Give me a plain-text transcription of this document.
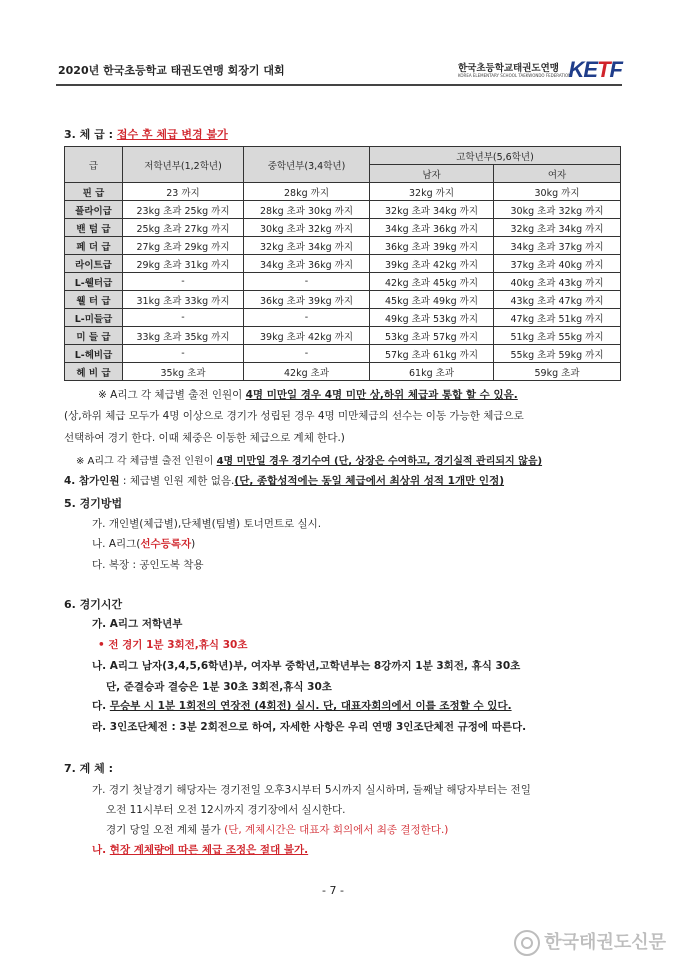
2020년 한국초등학교 태권도연맹 회장기 대회	한국초등학교태권도연맹
KOREA ELEMENTARY SCHOOL TAEKWONDO FEDERATION
KETF
3. 체 급 : 접수 후 체급 변경 불가
급	저학년부(1,2학년)	중학년부(3,4학년)	고학년부(5,6학년)	
			남자	여자
핀 급	23 까지	28kg 까지	32kg 까지	30kg 까지
플라이급	23kg 초과 25kg 까지	28kg 초과 30kg 까지	32kg 초과 34kg 까지	30kg 초과 32kg 까지
밴 텀 급	25kg 초과 27kg 까지	30kg 초과 32kg 까지	34kg 초과 36kg 까지	32kg 초과 34kg 까지
페 더 급	27kg 초과 29kg 까지	32kg 초과 34kg 까지	36kg 초과 39kg 까지	34kg 초과 37kg 까지
라이트급	29kg 초과 31kg 까지	34kg 초과 36kg 까지	39kg 초과 42kg 까지	37kg 초과 40kg 까지
L-웰터급	-	-	42kg 초과 45kg 까지	40kg 초과 43kg 까지
웰 터 급	31kg 초과 33kg 까지	36kg 초과 39kg 까지	45kg 초과 49kg 까지	43kg 초과 47kg 까지
L-미들급	-	-	49kg 초과 53kg 까지	47kg 초과 51kg 까지
미 들 급	33kg 초과 35kg 까지	39kg 초과 42kg 까지	53kg 초과 57kg 까지	51kg 초과 55kg 까지
L-헤비급	-	-	57kg 초과 61kg 까지	55kg 초과 59kg 까지
헤 비 급	35kg 초과	42kg 초과	61kg 초과	59kg 초과
※ A리그 각 체급별 출전 인원이 4명 미만일 경우 4명 미만 상,하위 체급과 통합 할 수 있음.
(상,하위 체급 모두가 4명 이상으로 경기가 성립된 경우 4명 미만체급의 선수는 이동 가능한 체급으로
선택하여 경기 한다. 이때 체중은 이동한 체급으로 계체 한다.)
※ A리그 각 체급별 출전 인원이 4명 미만일 경우 경기수여 (단, 상장은 수여하고, 경기실적 관리되지 않음)
4. 참가인원 : 체급별 인원 제한 없음.(단, 종합성적에는 동일 체급에서 최상위 성적 1개만 인정)
5. 경기방법
가. 개인별(체급별),단체별(팀별) 토너먼트로 실시.
나. A리그(선수등록자)
다. 복장 : 공인도복 착용
6. 경기시간
가. A리그 저학년부
• 전 경기 1분 3회전,휴식 30초
나. A리그 남자(3,4,5,6학년)부, 여자부 중학년,고학년부는 8강까지 1분 3회전, 휴식 30초
단, 준결승과 결승은 1분 30초 3회전,휴식 30초
다. 무승부 시 1분 1회전의 연장전 (4회전) 실시. 단, 대표자회의에서 이를 조정할 수 있다.
라. 3인조단체전 : 3분 2회전으로 하여, 자세한 사항은 우리 연맹 3인조단체전 규정에 따른다.
7. 계 체 :
가. 경기 첫날경기 해당자는 경기전일 오후3시부터 5시까지 실시하며, 둘째날 해당자부터는 전일
오전 11시부터 오전 12시까지 경기장에서 실시한다.
경기 당일 오전 계체 불가 (단, 계체시간은 대표자 회의에서 최종 결정한다.)
나. 현장 계체량에 따른 체급 조정은 절대 불가.
- 7 -
한국태권도신문
